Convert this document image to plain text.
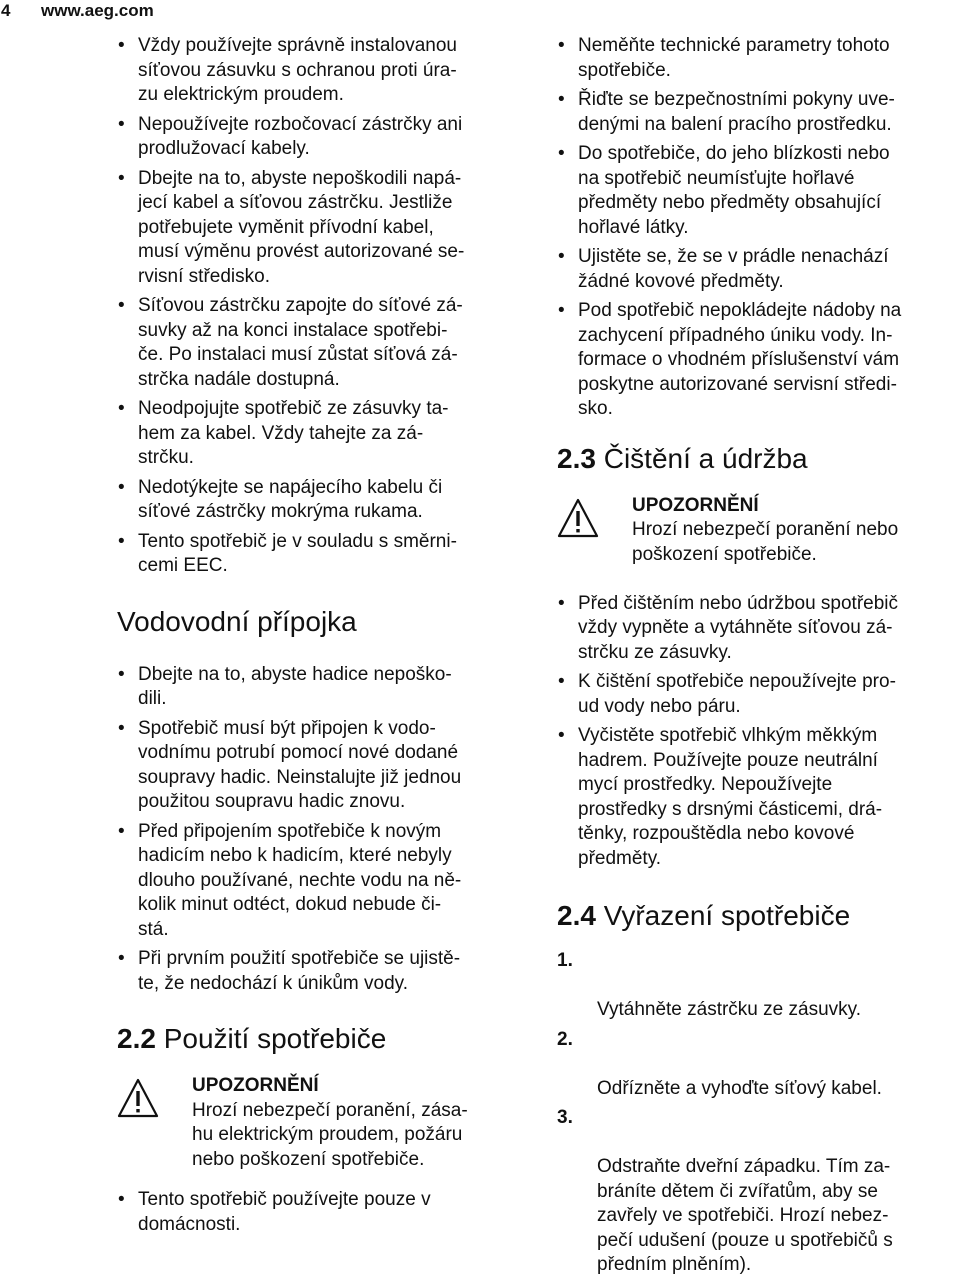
4 www.aeg.com
• Vždy používejte správně instalovanou
síťovou zásuvku s ochranou proti úra-
zu elektrickým proudem.
• Nepoužívejte rozbočovací zástrčky ani
prodlužovací kabely.
• Dbejte na to, abyste nepoškodili napá-
jecí kabel a síťovou zástrčku. Jestliže
potřebujete vyměnit přívodní kabel,
musí výměnu provést autorizované se-
rvisní středisko.
• Síťovou zástrčku zapojte do síťové zá-
suvky až na konci instalace spotřebi-
če. Po instalaci musí zůstat síťová zá-
strčka nadále dostupná.
• Neodpojujte spotřebič ze zásuvky ta-
hem za kabel. Vždy tahejte za zá-
strčku.
• Nedotýkejte se napájecího kabelu či
síťové zástrčky mokrýma rukama.
• Tento spotřebič je v souladu s směrni-
cemi EEC.
Vodovodní přípojka
• Dbejte na to, abyste hadice nepoško-
dili.
• Spotřebič musí být připojen k vodo-
vodnímu potrubí pomocí nové dodané
soupravy hadic. Neinstalujte již jednou
použitou soupravu hadic znovu.
• Před připojením spotřebiče k novým
hadicím nebo k hadicím, které nebyly
dlouho používané, nechte vodu na ně-
kolik minut odtéct, dokud nebude či-
stá.
• Při prvním použití spotřebiče se ujistě-
te, že nedochází k únikům vody.
2.2 Použití spotřebiče
UPOZORNĚNÍ
Hrozí nebezpečí poranění, zása-
hu elektrickým proudem, požáru
nebo poškození spotřebiče.
• Tento spotřebič používejte pouze v
domácnosti.
• Neměňte technické parametry tohoto
spotřebiče.
• Řiďte se bezpečnostními pokyny uve-
denými na balení pracího prostředku.
• Do spotřebiče, do jeho blízkosti nebo
na spotřebič neumísťujte hořlavé
předměty nebo předměty obsahující
hořlavé látky.
• Ujistěte se, že se v prádle nenachází
žádné kovové předměty.
• Pod spotřebič nepokládejte nádoby na
zachycení případného úniku vody. In-
formace o vhodném příslušenství vám
poskytne autorizované servisní středi-
sko.
2.3 Čištění a údržba
UPOZORNĚNÍ
Hrozí nebezpečí poranění nebo
poškození spotřebiče.
• Před čištěním nebo údržbou spotřebič
vždy vypněte a vytáhněte síťovou zá-
strčku ze zásuvky.
• K čištění spotřebiče nepoužívejte pro-
ud vody nebo páru.
• Vyčistěte spotřebič vlhkým měkkým
hadrem. Používejte pouze neutrální
mycí prostředky. Nepoužívejte
prostředky s drsnými částicemi, drá-
těnky, rozpouštědla nebo kovové
předměty.
2.4 Vyřazení spotřebiče

1.

Vytáhněte zástrčku ze zásuvky.

2.

Odřízněte a vyhoďte síťový kabel.

3.

Odstraňte dveřní západku. Tím za-
bráníte dětem či zvířatům, aby se
zavřely ve spotřebiči. Hrozí nebez-
pečí udušení (pouze u spotřebičů s
předním plněním).
